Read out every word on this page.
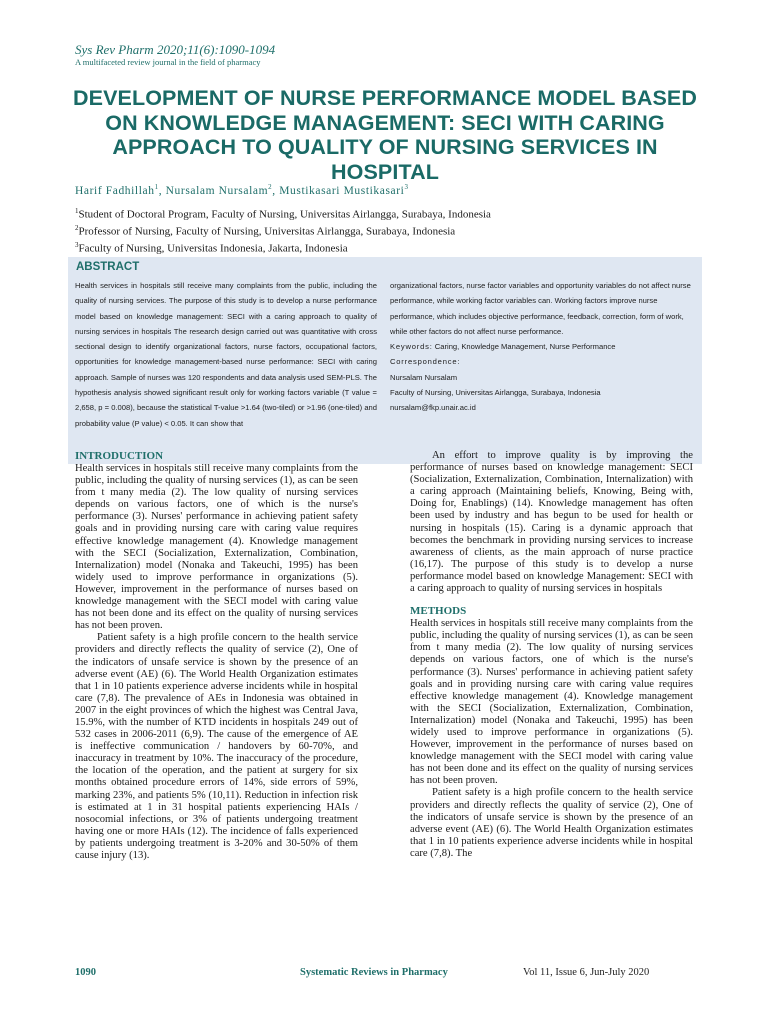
Sys Rev Pharm 2020;11(6):1090-1094
A multifaceted review journal in the field of pharmacy
DEVELOPMENT OF NURSE PERFORMANCE MODEL BASED ON KNOWLEDGE MANAGEMENT: SECI WITH CARING APPROACH TO QUALITY OF NURSING SERVICES IN HOSPITAL
Harif Fadhillah$^1$, Nursalam Nursalam$^2$, Mustikasari Mustikasari$^3$
$^1$Student of Doctoral Program, Faculty of Nursing, Universitas Airlangga, Surabaya, Indonesia
$^2$Professor of Nursing, Faculty of Nursing, Universitas Airlangga, Surabaya, Indonesia
$^3$Faculty of Nursing, Universitas Indonesia, Jakarta, Indonesia
ABSTRACT
Health services in hospitals still receive many complaints from the public, including the quality of nursing services. The purpose of this study is to develop a nurse performance model based on knowledge management: SECI with a caring approach to quality of nursing services in hospitals The research design carried out was quantitative with cross sectional design to identify organizational factors, nurse factors, occupational factors, opportunities for knowledge management-based nurse performance: SECI with caring approach. Sample of nurses was 120 respondents and data analysis used SEM-PLS. The hypothesis analysis showed significant result only for working factors variable (T value = 2,658, p = 0.008), because the statistical T-value >1.64 (two-tiled) or >1.96 (one-tiled) and probability value (P value) < 0.05. It can show that

organizational factors, nurse factor variables and opportunity variables do not affect nurse performance, while working factor variables can. Working factors improve nurse performance, which includes objective performance, feedback, correction, form of work, while other factors do not affect nurse performance.

Keywords: Caring, Knowledge Management, Nurse Performance

Correspondence:

Nursalam Nursalam

Faculty of Nursing, Universitas Airlangga, Surabaya, Indonesia

nursalam@fkp.unair.ac.id

INTRODUCTION

Health services in hospitals still receive many complaints from the public, including the quality of nursing services (1), as can be seen from t many media (2). The low quality of nursing services depends on various factors, one of which is the nurse's performance (3). Nurses' performance in achieving patient safety goals and in providing nursing care with caring value requires effective knowledge management (4). Knowledge management with the SECI (Socialization, Externalization, Combination, Internalization) model (Nonaka and Takeuchi, 1995) has been widely used to improve performance in organizations (5). However, improvement in the performance of nurses based on knowledge management with the SECI model with caring value has not been done and its effect on the quality of nursing services has not been proven.

Patient safety is a high profile concern to the health service providers and directly reflects the quality of service (2), One of the indicators of unsafe service is shown by the presence of an adverse event (AE) (6). The World Health Organization estimates that 1 in 10 patients experience adverse incidents while in hospital care (7,8). The prevalence of AEs in Indonesia was obtained in 2007 in the eight provinces of which the highest was Central Java, 15.9%, with the number of KTD incidents in hospitals 249 out of 532 cases in 2006-2011 (6,9). The cause of the emergence of AE is ineffective communication / handovers by 60-70%, and inaccuracy in treatment by 10%. The inaccuracy of the procedure, the location of the operation, and the patient at surgery for six months obtained procedure errors of 14%, side errors of 59%, marking 23%, and patients 5% (10,11). Reduction in infection risk is estimated at 1 in 31 hospital patients experiencing HAIs / nosocomial infections, or 3% of patients undergoing treatment having one or more HAIs (12). The incidence of falls experienced by patients undergoing treatment is 3-20% and 30-50% of them cause injury (13).

An effort to improve quality is by improving the performance of nurses based on knowledge management: SECI (Socialization, Externalization, Combination, Internalization) with a caring approach (Maintaining beliefs, Knowing, Being with, Doing for, Enablings) (14). Knowledge management has often been used by industry and has begun to be used for health or nursing in hospitals (15). Caring is a dynamic approach that becomes the benchmark in providing nursing services to increase awareness of clients, as the main approach of nurse practice (16,17). The purpose of this study is to develop a nurse performance model based on knowledge Management: SECI with a caring approach to quality of nursing services in hospitals

METHODS

Health services in hospitals still receive many complaints from the public, including the quality of nursing services (1), as can be seen from t many media (2). The low quality of nursing services depends on various factors, one of which is the nurse's performance (3). Nurses' performance in achieving patient safety goals and in providing nursing care with caring value requires effective knowledge management (4). Knowledge management with the SECI (Socialization, Externalization, Combination, Internalization) model (Nonaka and Takeuchi, 1995) has been widely used to improve performance in organizations (5). However, improvement in the performance of nurses based on knowledge management with the SECI model with caring value has not been done and its effect on the quality of nursing services has not been proven.

Patient safety is a high profile concern to the health service providers and directly reflects the quality of service (2), One of the indicators of unsafe service is shown by the presence of an adverse event (AE) (6). The World Health Organization estimates that 1 in 10 patients experience adverse incidents while in hospital care (7,8). The

1090	Systematic Reviews in Pharmacy	Vol 11, Issue 6, Jun-July 2020
